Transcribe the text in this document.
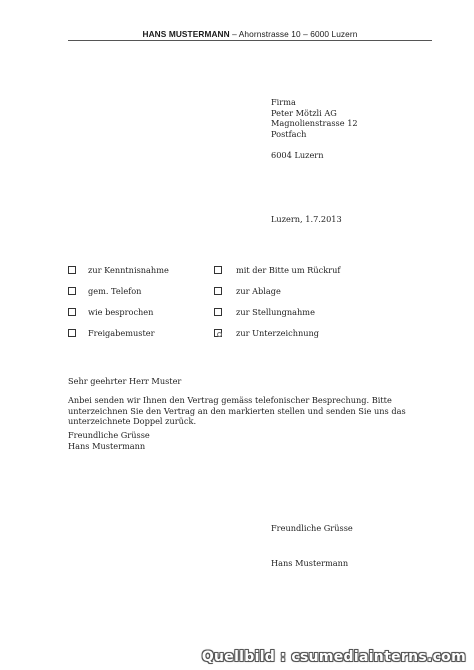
HANS MUSTERMANN – Ahornstrasse 10 – 6000 Luzern
Firma
Peter Mötzli AG
Magnolienstrasse 12
Postfach
6004 Luzern
Luzern, 1.7.2013
zur Kenntnisnahme	mit der Bitte um Rückruf
gem. Telefon	zur Ablage
wie besprochen	zur Stellungnahme
Freigabemuster	zur Unterzeichnung
Sehr geehrter Herr Muster
Anbei senden wir Ihnen den Vertrag gemäss telefonischer Besprechung. Bitte unterzeichnen Sie den Vertrag an den markierten stellen und senden Sie uns das unterzeichnete Doppel zurück.
Freundliche Grüsse
Hans Mustermann
Freundliche Grüsse
Hans Mustermann
Quellbild : csumediainterns.com
